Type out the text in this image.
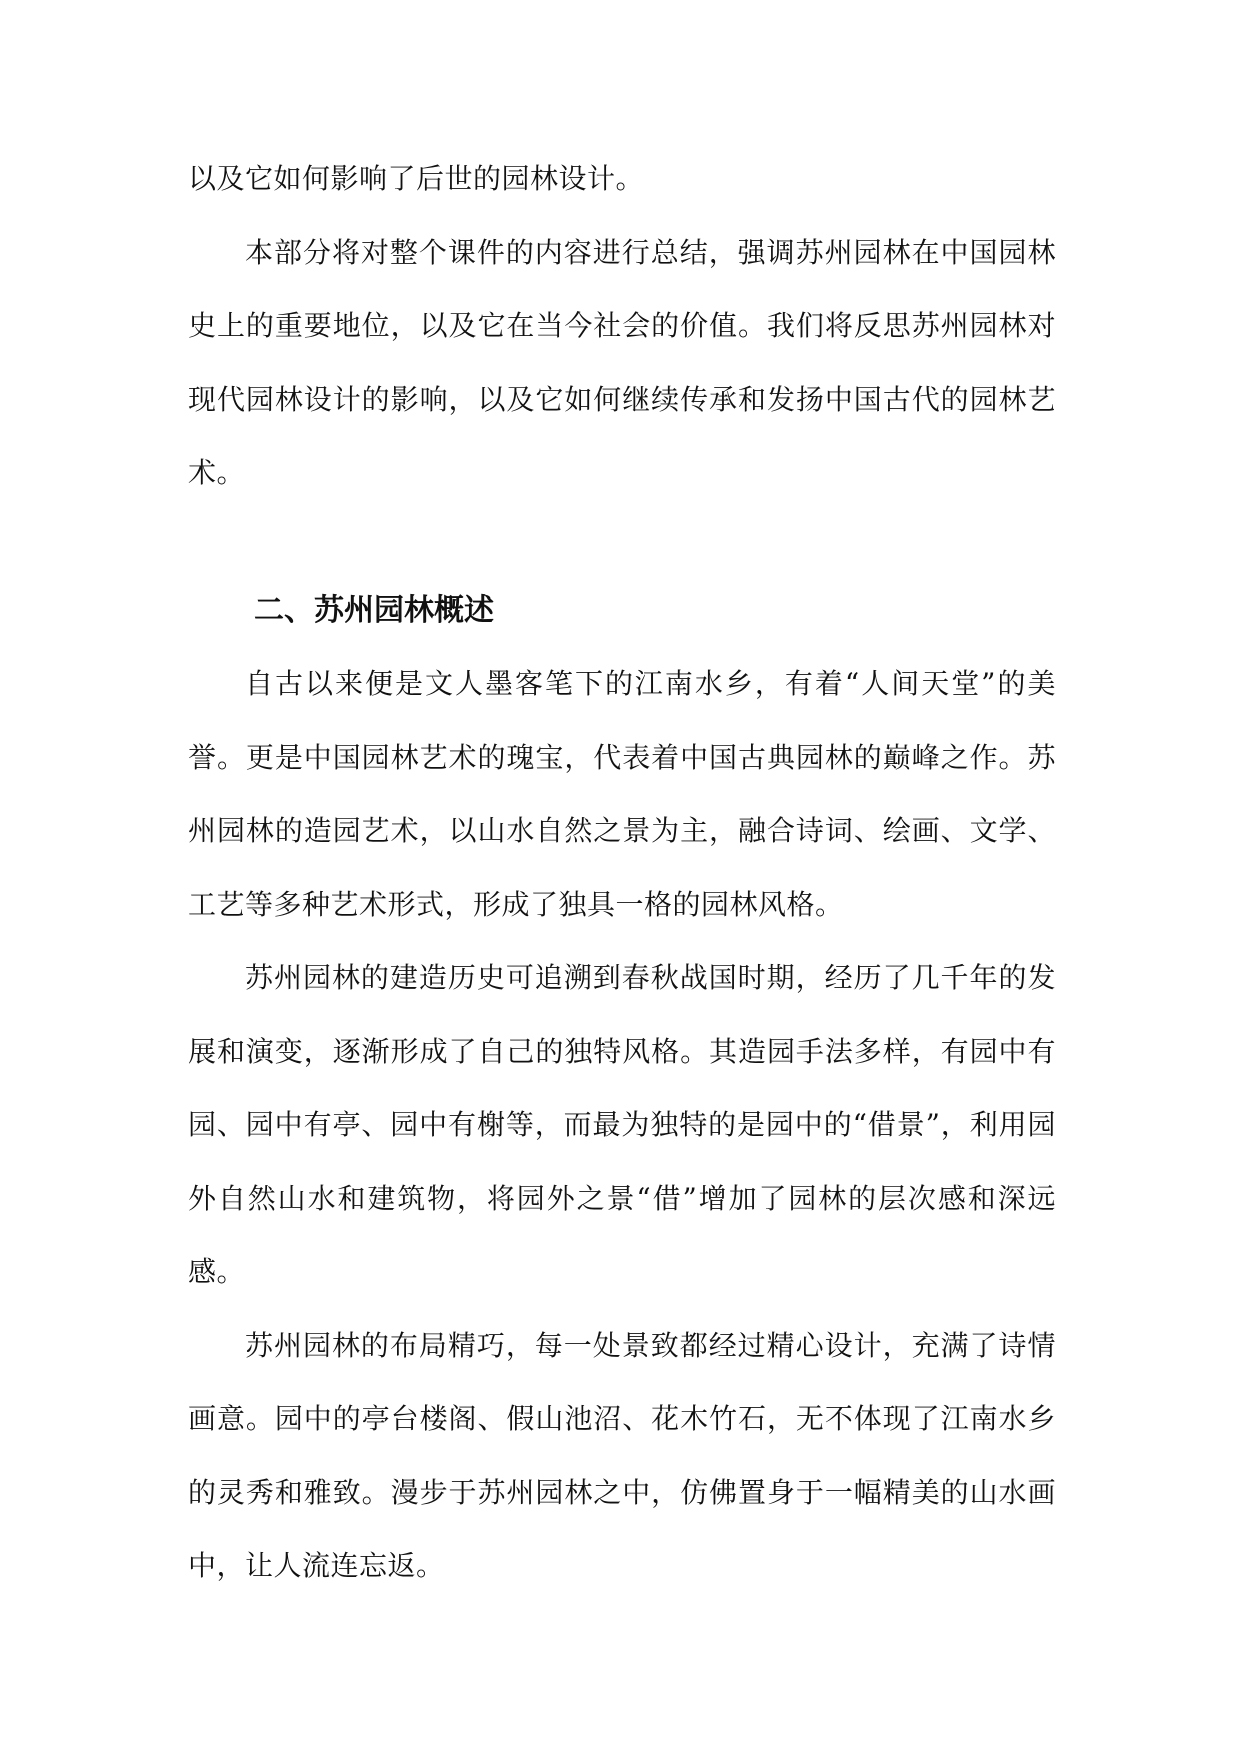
以及它如何影响了后世的园林设计。

本部分将对整个课件的内容进行总结，强调苏州园林在中国园林史上的重要地位，以及它在当今社会的价值。我们将反思苏州园林对现代园林设计的影响，以及它如何继续传承和发扬中国古代的园林艺术。

二、苏州园林概述

自古以来便是文人墨客笔下的江南水乡，有着“人间天堂”的美誉。更是中国园林艺术的瑰宝，代表着中国古典园林的巅峰之作。苏州园林的造园艺术，以山水自然之景为主，融合诗词、绘画、文学、工艺等多种艺术形式，形成了独具一格的园林风格。

苏州园林的建造历史可追溯到春秋战国时期，经历了几千年的发展和演变，逐渐形成了自己的独特风格。其造园手法多样，有园中有园、园中有亭、园中有榭等，而最为独特的是园中的“借景”，利用园外自然山水和建筑物，将园外之景“借”增加了园林的层次感和深远感。

苏州园林的布局精巧，每一处景致都经过精心设计，充满了诗情画意。园中的亭台楼阁、假山池沼、花木竹石，无不体现了江南水乡的灵秀和雅致。漫步于苏州园林之中，仿佛置身于一幅精美的山水画中，让人流连忘返。
